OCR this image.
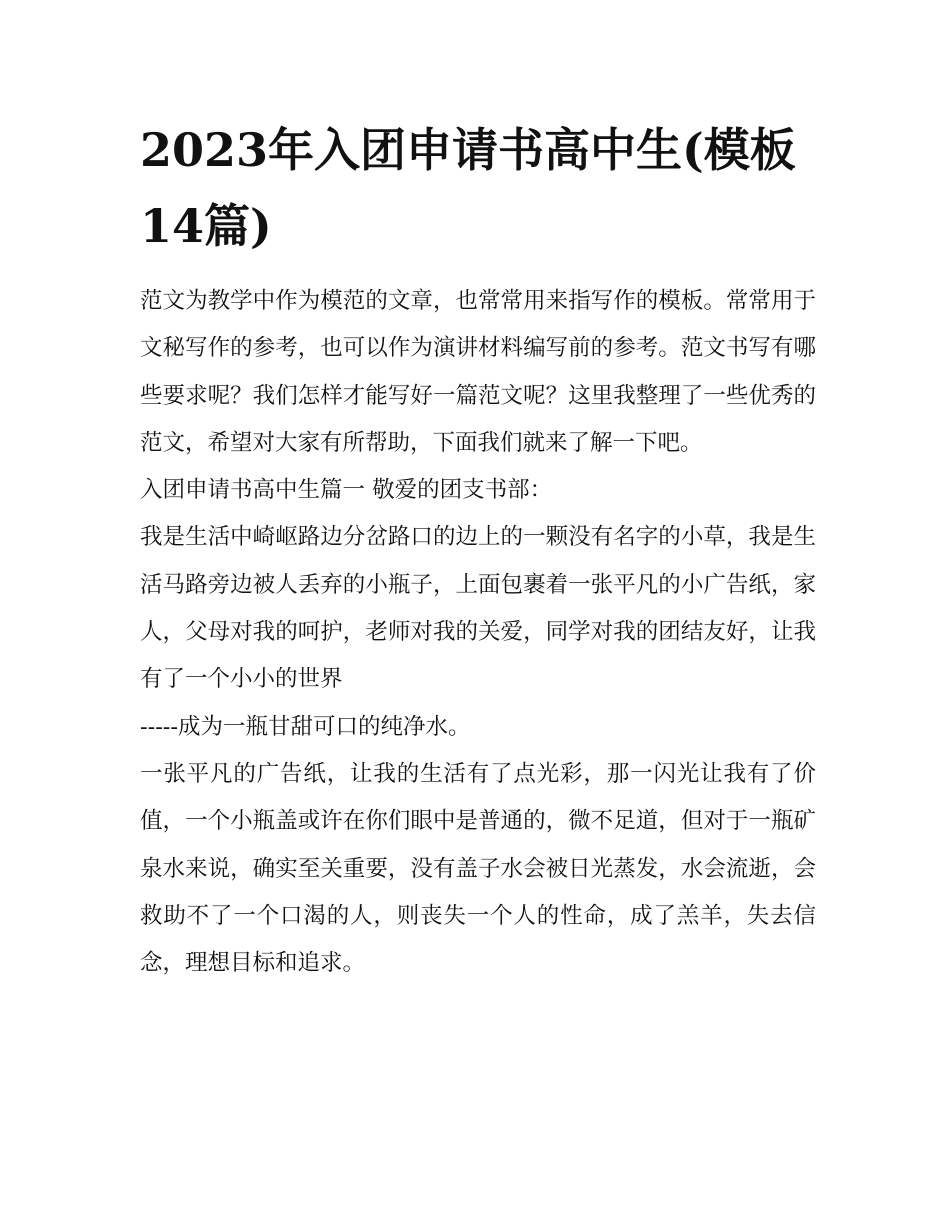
2023年入团申请书高中生(模板14篇)

范文为教学中作为模范的文章，也常常用来指写作的模板。常常用于文秘写作的参考，也可以作为演讲材料编写前的参考。范文书写有哪些要求呢？我们怎样才能写好一篇范文呢？这里我整理了一些优秀的范文，希望对大家有所帮助，下面我们就来了解一下吧。

入团申请书高中生篇一 敬爱的团支书部：

我是生活中崎岖路边分岔路口的边上的一颗没有名字的小草，我是生活马路旁边被人丢弃的小瓶子，上面包裹着一张平凡的小广告纸，家人，父母对我的呵护，老师对我的关爱，同学对我的团结友好，让我有了一个小小的世界

-----成为一瓶甘甜可口的纯净水。

一张平凡的广告纸，让我的生活有了点光彩，那一闪光让我有了价值，一个小瓶盖或许在你们眼中是普通的，微不足道，但对于一瓶矿泉水来说，确实至关重要，没有盖子水会被日光蒸发，水会流逝，会救助不了一个口渴的人，则丧失一个人的性命，成了羔羊，失去信念，理想目标和追求。
